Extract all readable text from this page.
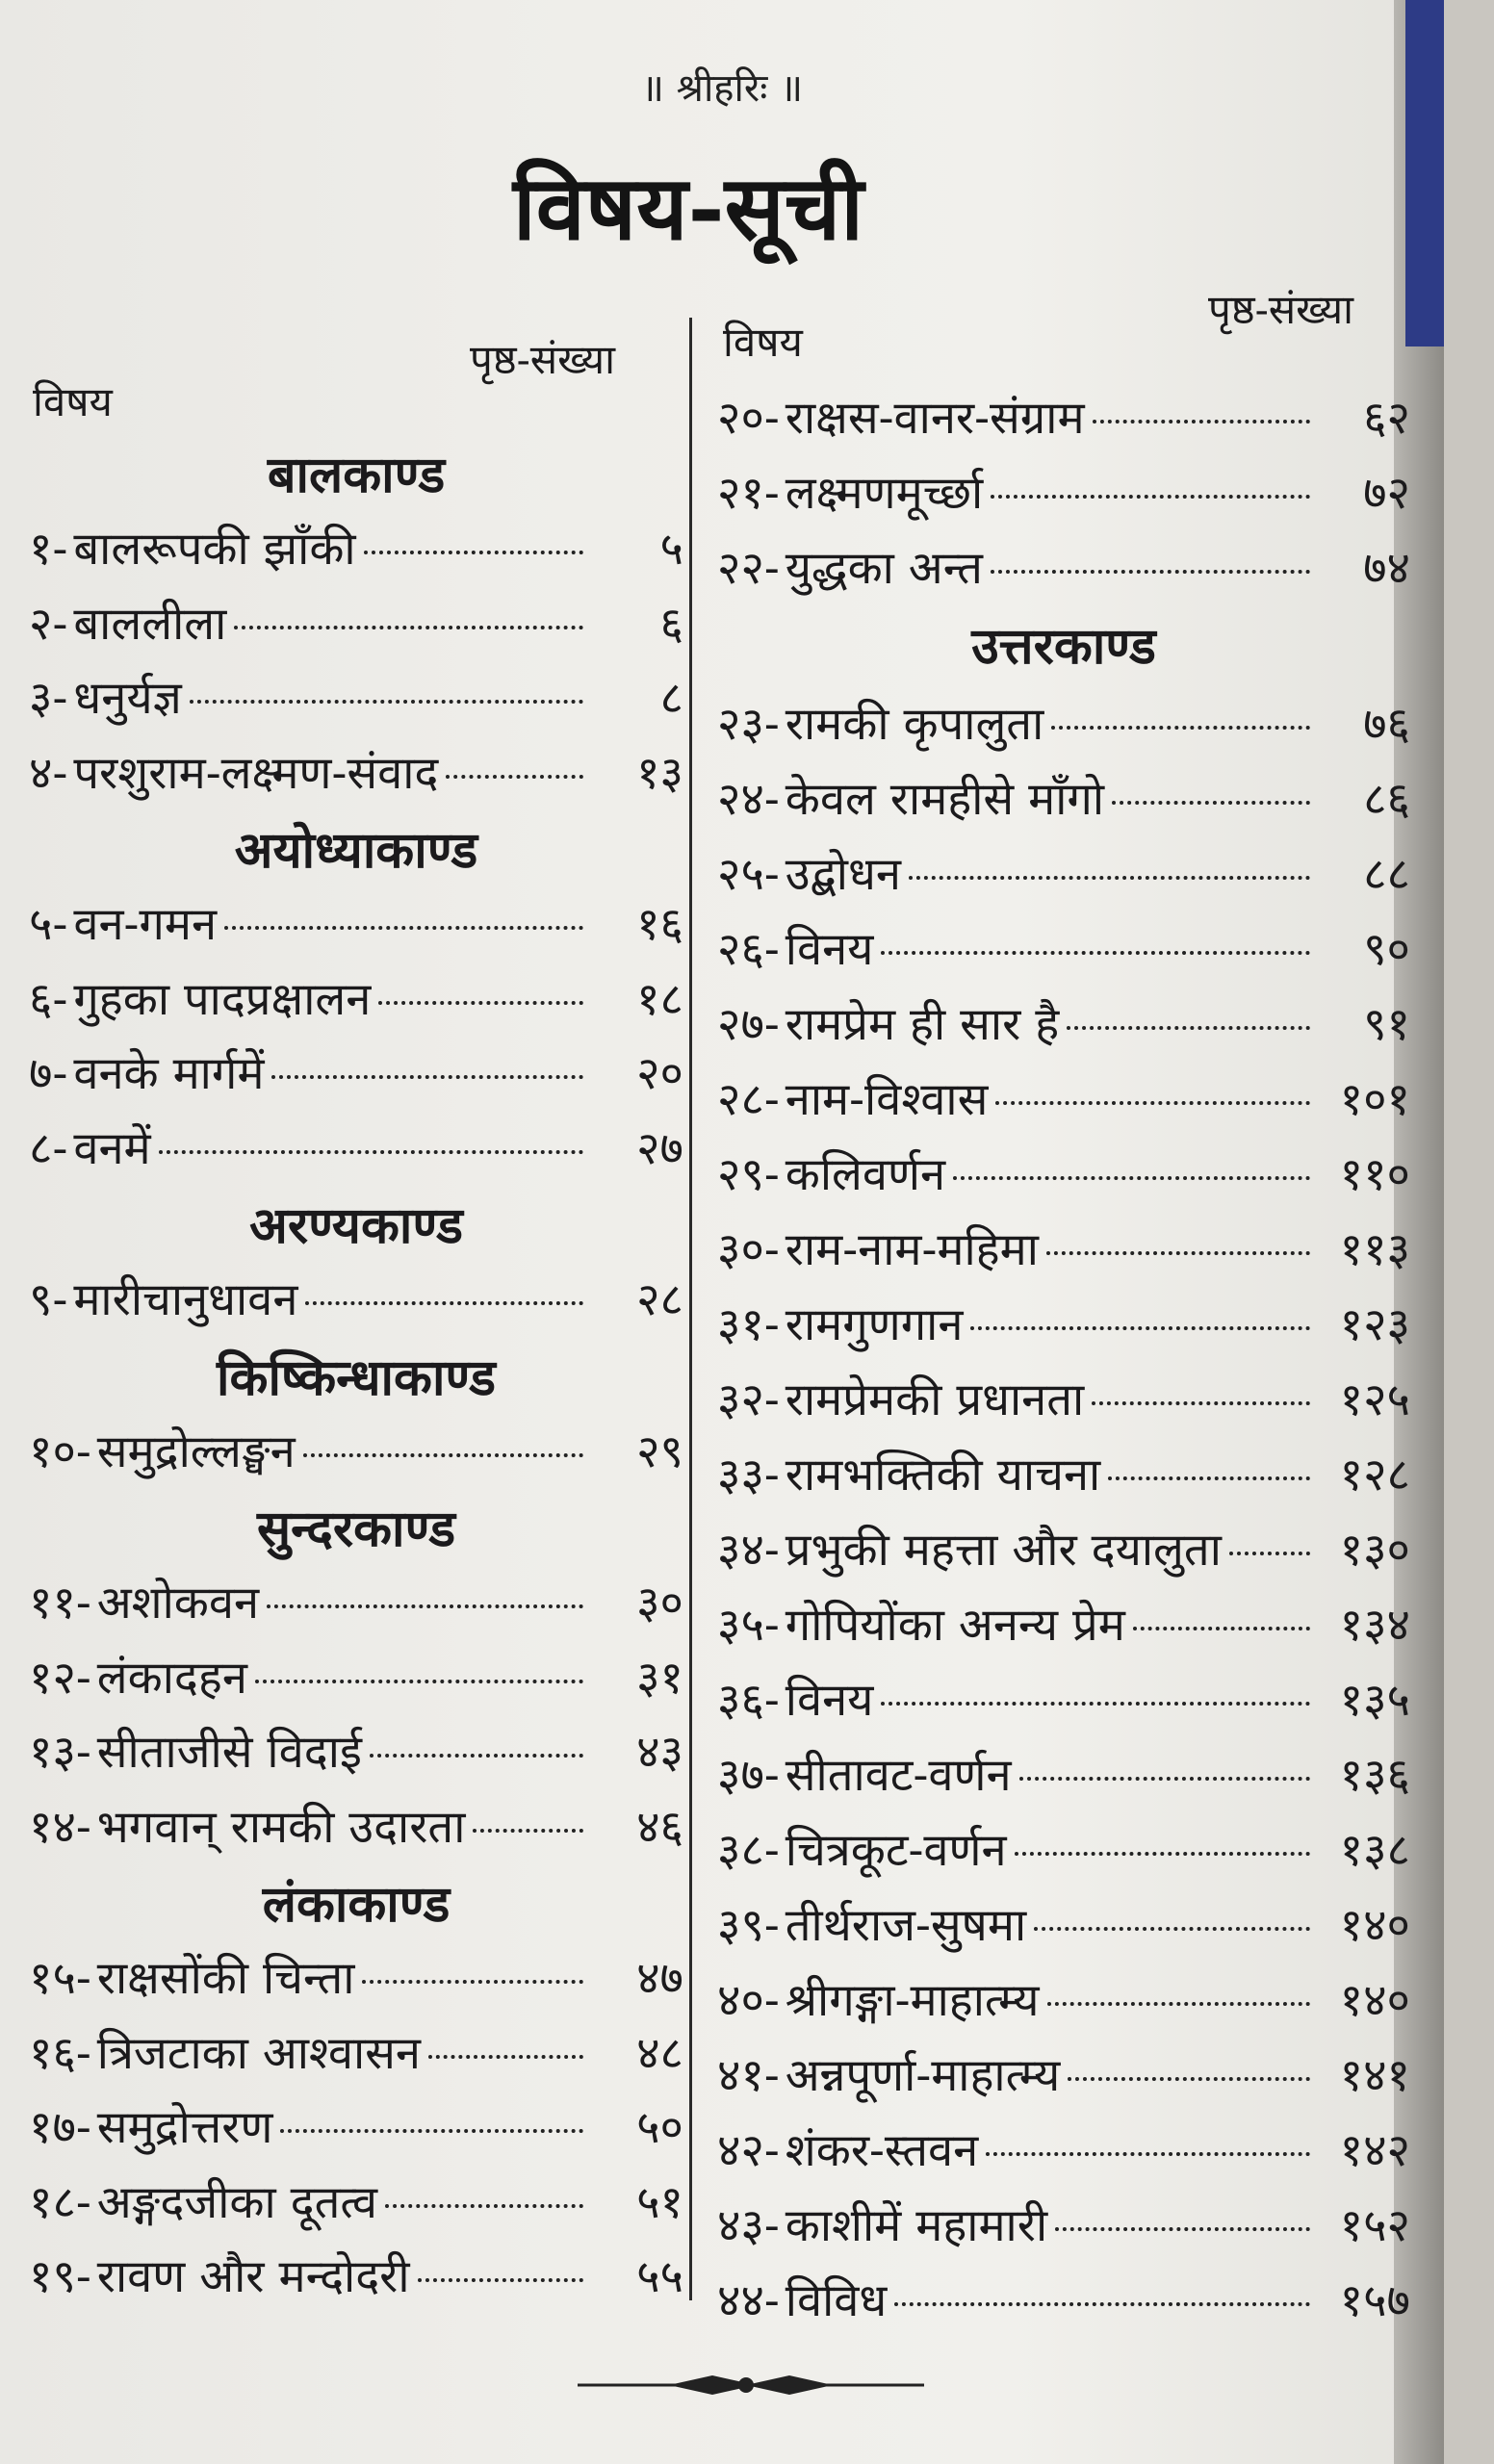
॥ श्रीहरिः ॥
विषय-सूची
विषय
पृष्ठ-संख्या
बालकाण्ड
१- बालरूपकी झाँकी	५
२- बाललीला	६
३- धनुर्यज्ञ	८
४- परशुराम-लक्ष्मण-संवाद	१३
अयोध्याकाण्ड
५- वन-गमन	१६
६- गुहका पादप्रक्षालन	१८
७- वनके मार्गमें	२०
८- वनमें	२७
अरण्यकाण्ड
९- मारीचानुधावन	२८
किष्किन्धाकाण्ड
१०- समुद्रोल्लङ्घन	२९
सुन्दरकाण्ड
११- अशोकवन	३०
१२- लंकादहन	३१
१३- सीताजीसे विदाई	४३
१४- भगवान् रामकी उदारता	४६
लंकाकाण्ड
१५- राक्षसोंकी चिन्ता	४७
१६- त्रिजटाका आश्वासन	४८
१७- समुद्रोत्तरण	५०
१८- अङ्गदजीका दूतत्व	५१
१९- रावण और मन्दोदरी	५५
विषय
पृष्ठ-संख्या
२०- राक्षस-वानर-संग्राम	६२
२१- लक्ष्मणमूर्च्छा	७२
२२- युद्धका अन्त	७४
उत्तरकाण्ड
२३- रामकी कृपालुता	७६
२४- केवल रामहीसे माँगो	८६
२५- उद्बोधन	८८
२६- विनय	९०
२७- रामप्रेम ही सार है	९१
२८- नाम-विश्वास	१०१
२९- कलिवर्णन	११०
३०- राम-नाम-महिमा	११३
३१- रामगुणगान	१२३
३२- रामप्रेमकी प्रधानता	१२५
३३- रामभक्तिकी याचना	१२८
३४- प्रभुकी महत्ता और दयालुता	१३०
३५- गोपियोंका अनन्य प्रेम	१३४
३६- विनय	१३५
३७- सीतावट-वर्णन	१३६
३८- चित्रकूट-वर्णन	१३८
३९- तीर्थराज-सुषमा	१४०
४०- श्रीगङ्गा-माहात्म्य	१४०
४१- अन्नपूर्णा-माहात्म्य	१४१
४२- शंकर-स्तवन	१४२
४३- काशीमें महामारी	१५२
४४- विविध	१५७
